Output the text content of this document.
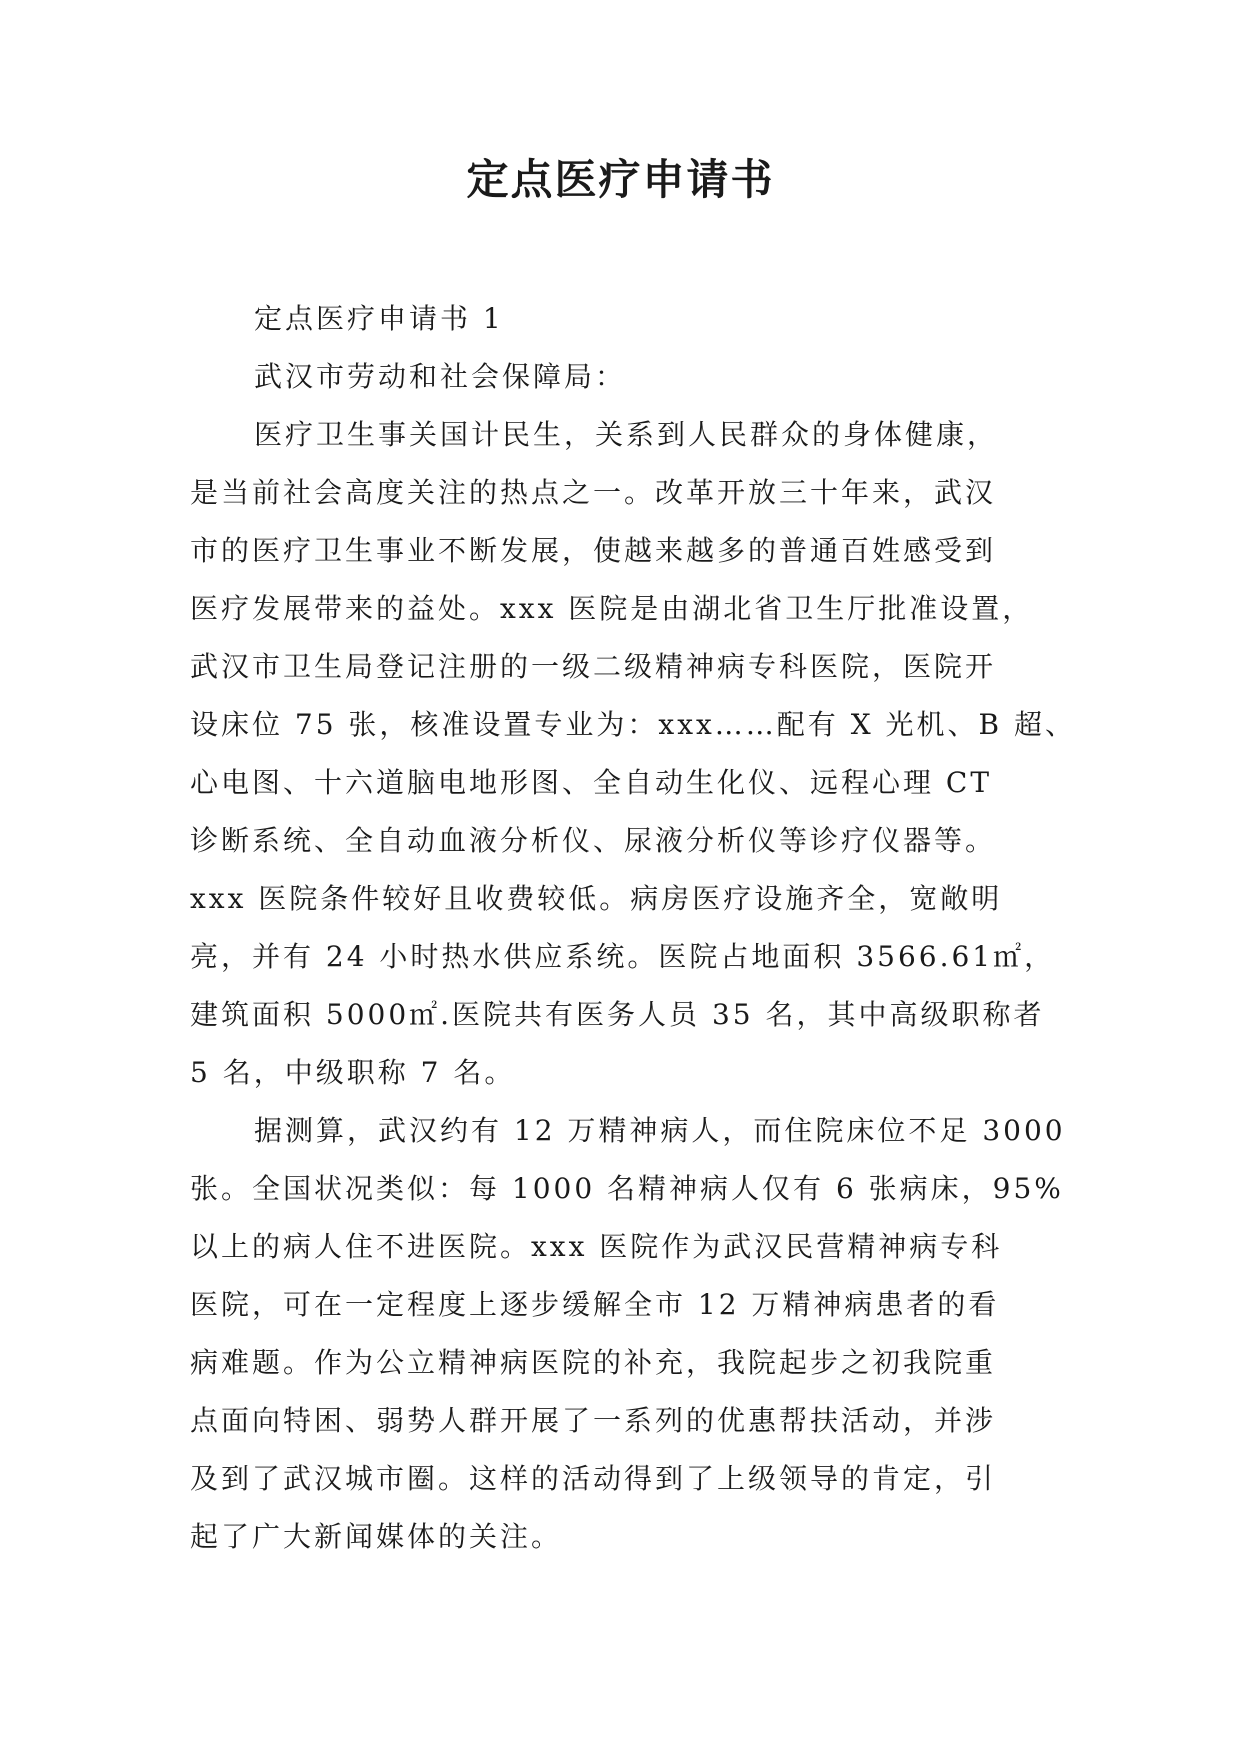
定点医疗申请书
定点医疗申请书 1
武汉市劳动和社会保障局：
医疗卫生事关国计民生，关系到人民群众的身体健康，
是当前社会高度关注的热点之一。改革开放三十年来，武汉
市的医疗卫生事业不断发展，使越来越多的普通百姓感受到
医疗发展带来的益处。xxx 医院是由湖北省卫生厅批准设置，
武汉市卫生局登记注册的一级二级精神病专科医院，医院开
设床位 75 张，核准设置专业为：xxx……配有 X 光机、B 超、
心电图、十六道脑电地形图、全自动生化仪、远程心理 CT
诊断系统、全自动血液分析仪、尿液分析仪等诊疗仪器等。
xxx 医院条件较好且收费较低。病房医疗设施齐全，宽敞明
亮，并有 24 小时热水供应系统。医院占地面积 3566.61㎡，
建筑面积 5000㎡.医院共有医务人员 35 名，其中高级职称者
5 名，中级职称 7 名。
据测算，武汉约有 12 万精神病人，而住院床位不足 3000
张。全国状况类似：每 1000 名精神病人仅有 6 张病床，95%
以上的病人住不进医院。xxx 医院作为武汉民营精神病专科
医院，可在一定程度上逐步缓解全市 12 万精神病患者的看
病难题。作为公立精神病医院的补充，我院起步之初我院重
点面向特困、弱势人群开展了一系列的优惠帮扶活动，并涉
及到了武汉城市圈。这样的活动得到了上级领导的肯定，引
起了广大新闻媒体的关注。
